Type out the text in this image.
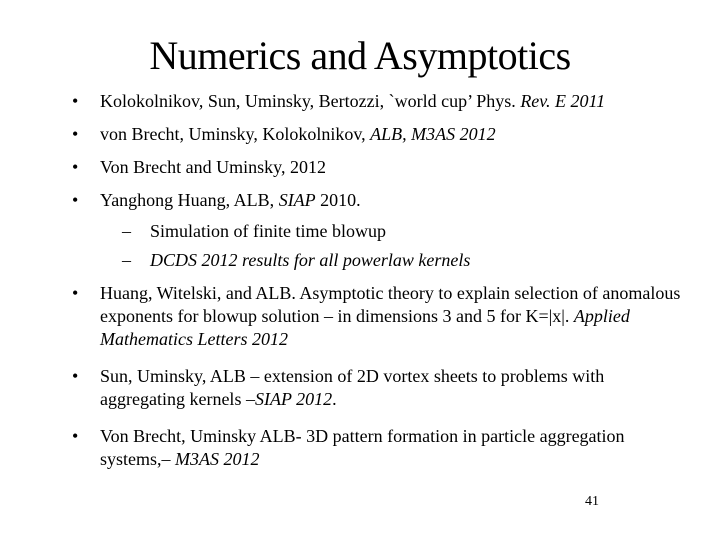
Numerics and Asymptotics
• Kolokolnikov, Sun, Uminsky, Bertozzi, `world cup’ Phys. Rev. E 2011
• von Brecht, Uminsky, Kolokolnikov, ALB, M3AS 2012
• Von Brecht and Uminsky, 2012
• Yanghong Huang, ALB, SIAP 2010.
– Simulation of finite time blowup
– DCDS 2012 results for all powerlaw kernels
• Huang, Witelski, and ALB. Asymptotic theory to explain selection of anomalous exponents for blowup solution – in dimensions 3 and 5 for K=|x|. Applied Mathematics Letters 2012
• Sun, Uminsky, ALB – extension of 2D vortex sheets to problems with aggregating kernels –SIAP 2012.
• Von Brecht, Uminsky ALB- 3D pattern formation in particle aggregation systems,– M3AS 2012
41
